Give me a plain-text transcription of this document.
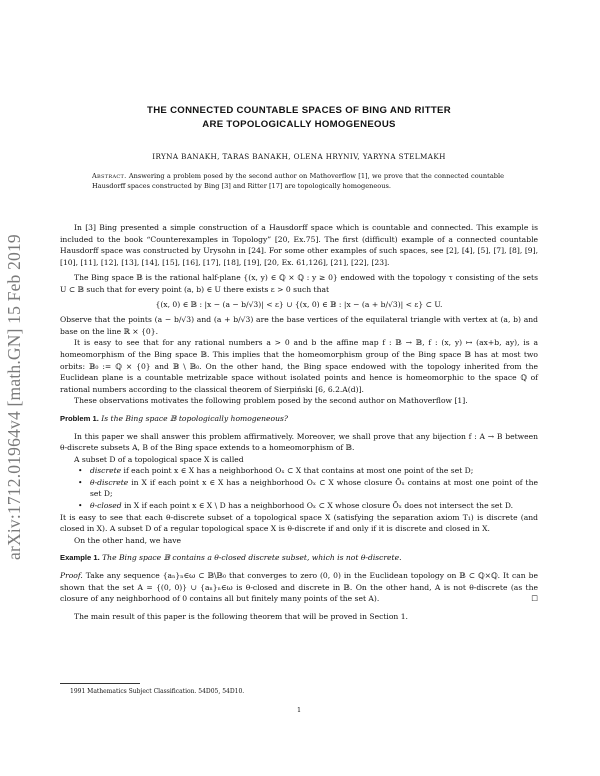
arXiv:1712.01964v4 [math.GN] 15 Feb 2019
THE CONNECTED COUNTABLE SPACES OF BING AND RITTER
ARE TOPOLOGICALLY HOMOGENEOUS
IRYNA BANAKH, TARAS BANAKH, OLENA HRYNIV, YARYNA STELMAKH
Abstract. Answering a problem posed by the second author on Mathoverflow [1], we prove that the connected countable Hausdorff spaces constructed by Bing [3] and Ritter [17] are topologically homogeneous.

In [3] Bing presented a simple construction of a Hausdorff space which is countable and connected. This example is included to the book “Counterexamples in Topology” [20, Ex.75]. The first (difficult) example of a connected countable Hausdorff space was constructed by Urysohn in [24]. For some other examples of such spaces, see [2], [4], [5], [7], [8], [9], [10], [11], [12], [13], [14], [15], [16], [17], [18], [19], [20, Ex. 61,126], [21], [22], [23].

The Bing space 𝔹 is the rational half-plane {(x, y) ∈ ℚ × ℚ : y ≥ 0} endowed with the topology τ consisting of the sets U ⊂ 𝔹 such that for every point (a, b) ∈ U there exists ε > 0 such that

{(x, 0) ∈ 𝔹 : |x − (a − b/√3)| < ε} ∪ {(x, 0) ∈ 𝔹 : |x − (a + b/√3)| < ε} ⊂ U.

Observe that the points (a − b/√3) and (a + b/√3) are the base vertices of the equilateral triangle with vertex at (a, b) and base on the line ℝ × {0}.

It is easy to see that for any rational numbers a > 0 and b the affine map f : 𝔹 → 𝔹, f : (x, y) ↦ (ax+b, ay), is a homeomorphism of the Bing space 𝔹. This implies that the homeomorphism group of the Bing space 𝔹 has at most two orbits: 𝔹₀ := ℚ × {0} and 𝔹 \ 𝔹₀. On the other hand, the Bing space endowed with the topology inherited from the Euclidean plane is a countable metrizable space without isolated points and hence is homeomorphic to the space ℚ of rational numbers according to the classical theorem of Sierpiński [6, 6.2.A(d)].

These observations motivates the following problem posed by the second author on Mathoverflow [1].

Problem 1. Is the Bing space 𝔹 topologically homogeneous?

In this paper we shall answer this problem affirmatively. Moreover, we shall prove that any bijection f : A → B between θ-discrete subsets A, B of the Bing space extends to a homeomorphism of 𝔹.

A subset D of a topological space X is called

• discrete if each point x ∈ X has a neighborhood Oₓ ⊂ X that contains at most one point of the set D;
• θ-discrete in X if each point x ∈ X has a neighborhood Oₓ ⊂ X whose closure Ōₓ contains at most one point of the set D;
• θ-closed in X if each point x ∈ X \ D has a neighborhood Oₓ ⊂ X whose closure Ōₓ does not intersect the set D.

It is easy to see that each θ-discrete subset of a topological space X (satisfying the separation axiom T₁) is discrete (and closed in X). A subset D of a regular topological space X is θ-discrete if and only if it is discrete and closed in X.

On the other hand, we have

Example 1. The Bing space 𝔹 contains a θ-closed discrete subset, which is not θ-discrete.

Proof. Take any sequence {aₙ}ₙ∈ω ⊂ 𝔹\𝔹₀ that converges to zero (0, 0) in the Euclidean topology on 𝔹 ⊂ ℚ×ℚ. It can be shown that the set A = {(0, 0)} ∪ {aₙ}ₙ∈ω is θ-closed and discrete in 𝔹. On the other hand, A is not θ-discrete (as the closure of any neighborhood of 0 contains all but finitely many points of the set A).	☐

The main result of this paper is the following theorem that will be proved in Section 1.

1991 Mathematics Subject Classification. 54D05, 54D10.
1
